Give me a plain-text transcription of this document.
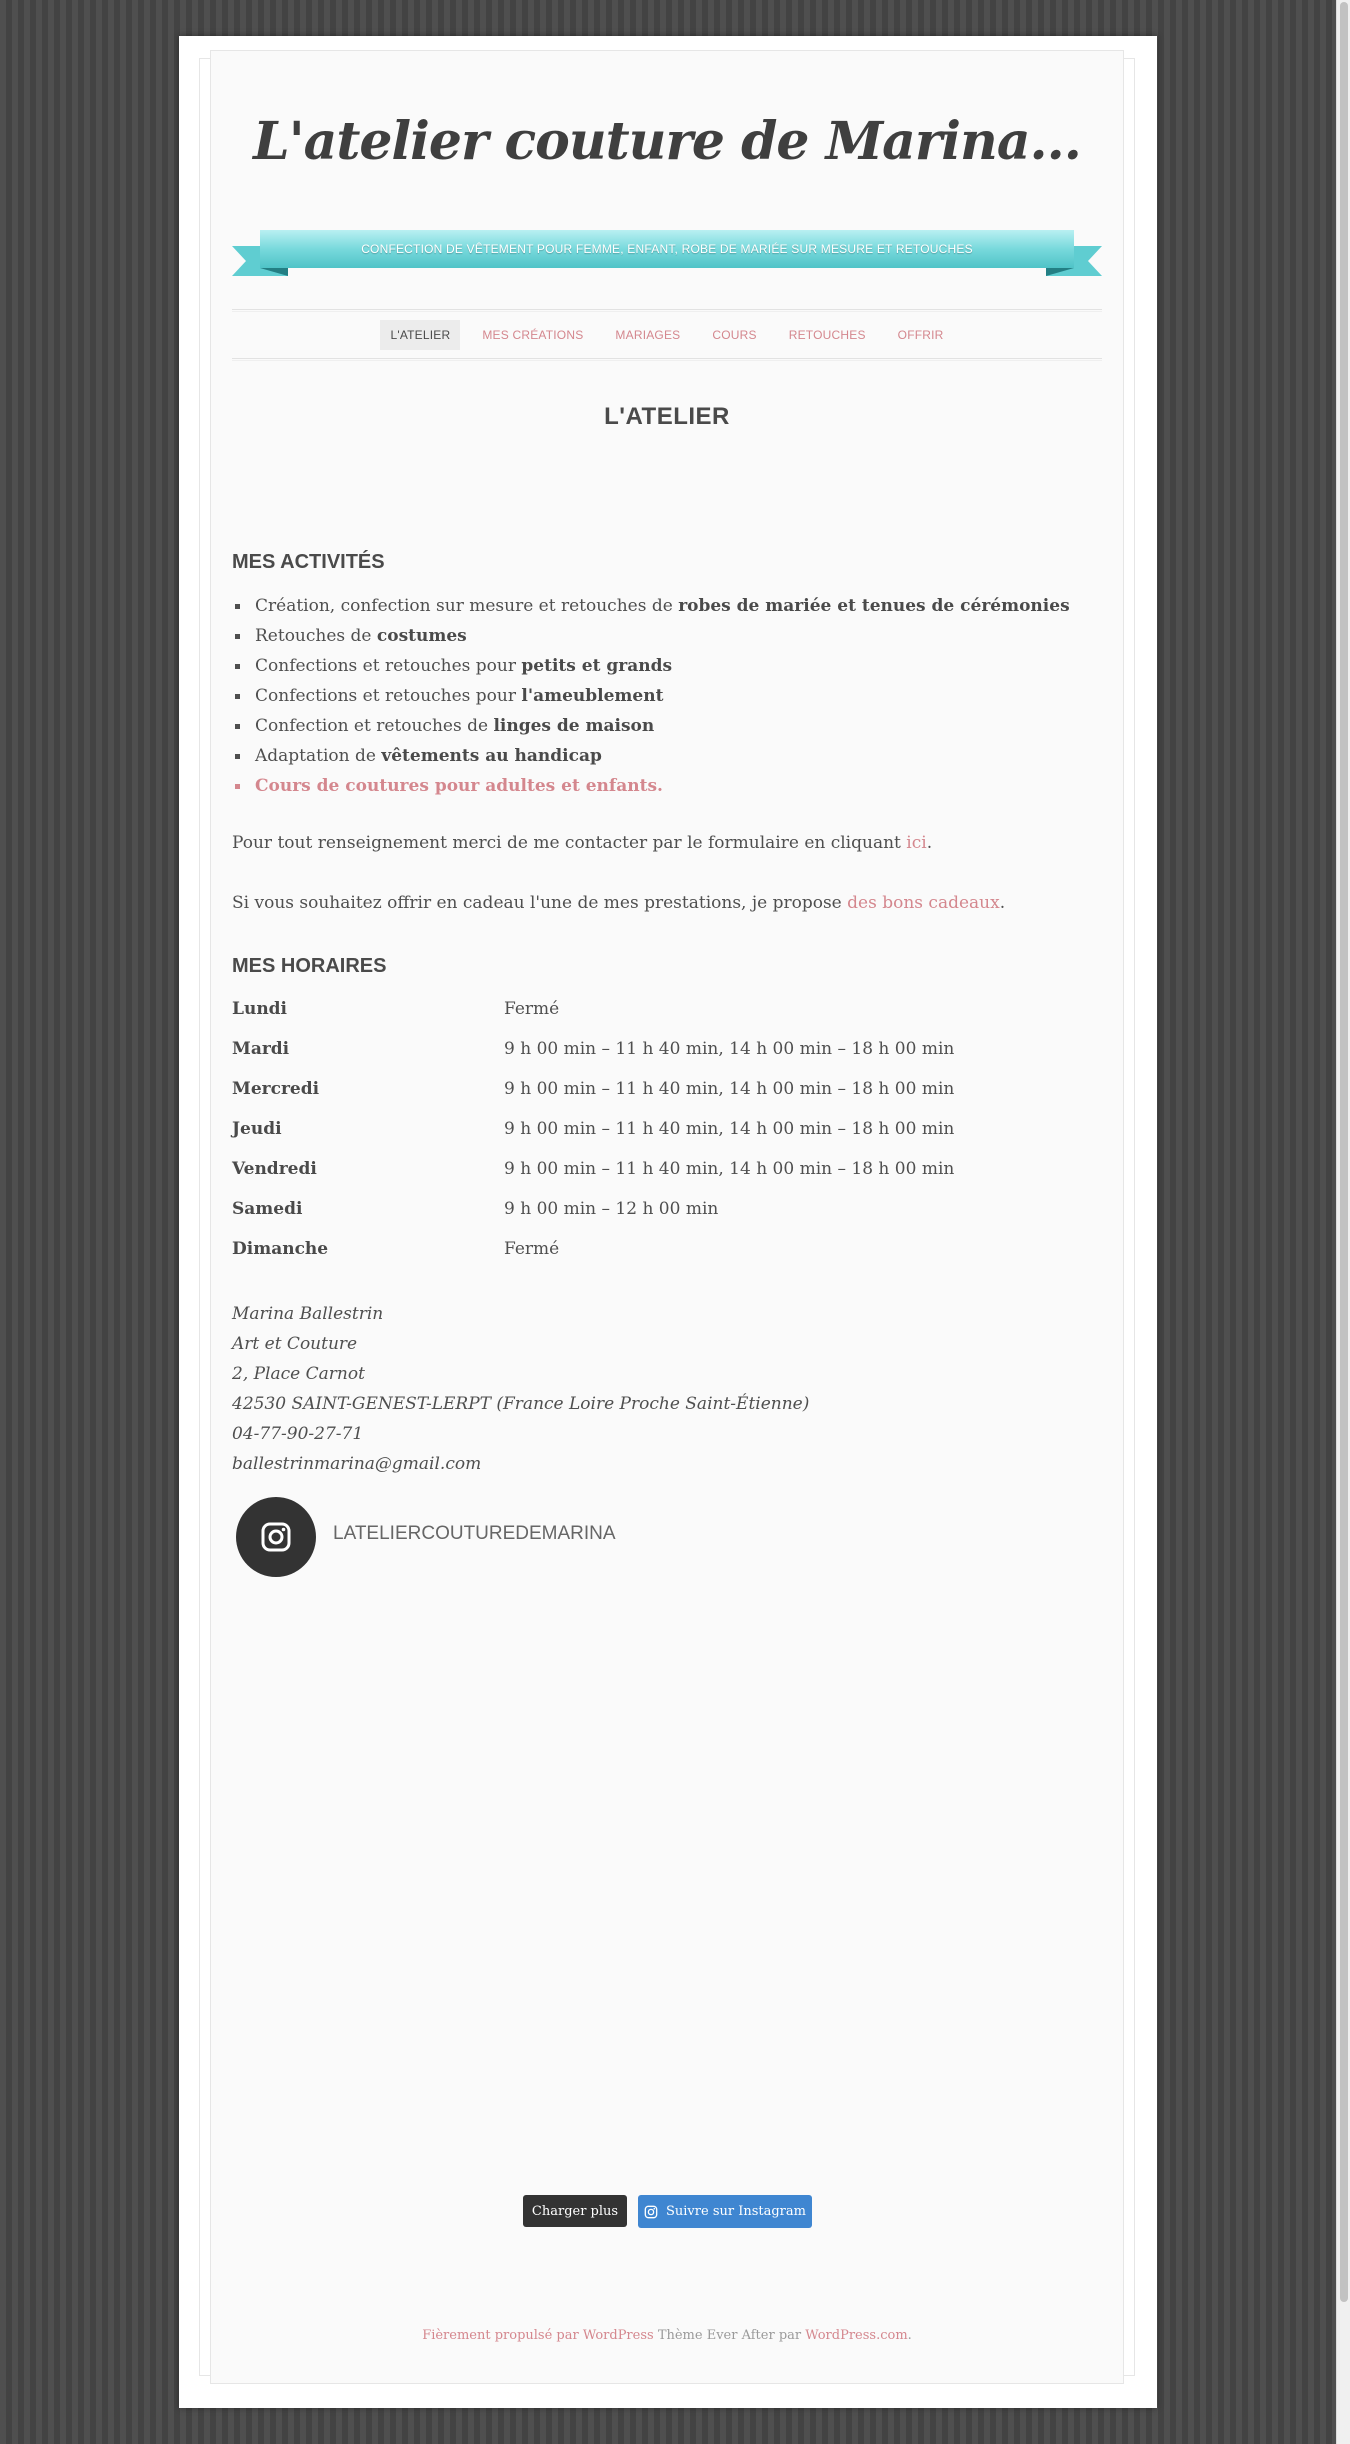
L'atelier couture de Marina...
CONFECTION DE VÊTEMENT POUR FEMME, ENFANT, ROBE DE MARIÉE SUR MESURE ET RETOUCHES
L'ATELIER	MES CRÉATIONS	MARIAGES	COURS	RETOUCHES	OFFRIR
L'ATELIER
MES ACTIVITÉS
Création, confection sur mesure et retouches de robes de mariée et tenues de cérémonies
Retouches de costumes
Confections et retouches pour petits et grands
Confections et retouches pour l'ameublement
Confection et retouches de linges de maison
Adaptation de vêtements au handicap
Cours de coutures pour adultes et enfants.

Pour tout renseignement merci de me contacter par le formulaire en cliquant ici.

Si vous souhaitez offrir en cadeau l'une de mes prestations, je propose des bons cadeaux.

MES HORAIRES
Lundi	Fermé
Mardi	9 h 00 min – 11 h 40 min, 14 h 00 min – 18 h 00 min
Mercredi	9 h 00 min – 11 h 40 min, 14 h 00 min – 18 h 00 min
Jeudi	9 h 00 min – 11 h 40 min, 14 h 00 min – 18 h 00 min
Vendredi	9 h 00 min – 11 h 40 min, 14 h 00 min – 18 h 00 min
Samedi	9 h 00 min – 12 h 00 min
Dimanche	Fermé
Marina Ballestrin
Art et Couture
2, Place Carnot
42530 SAINT-GENEST-LERPT (France Loire Proche Saint-Étienne)
04-77-90-27-71
ballestrinmarina@gmail.com
LATELIERCOUTUREDEMARINA
Charger plus	Suivre sur Instagram
Fièrement propulsé par WordPress Thème Ever After par WordPress.com.
